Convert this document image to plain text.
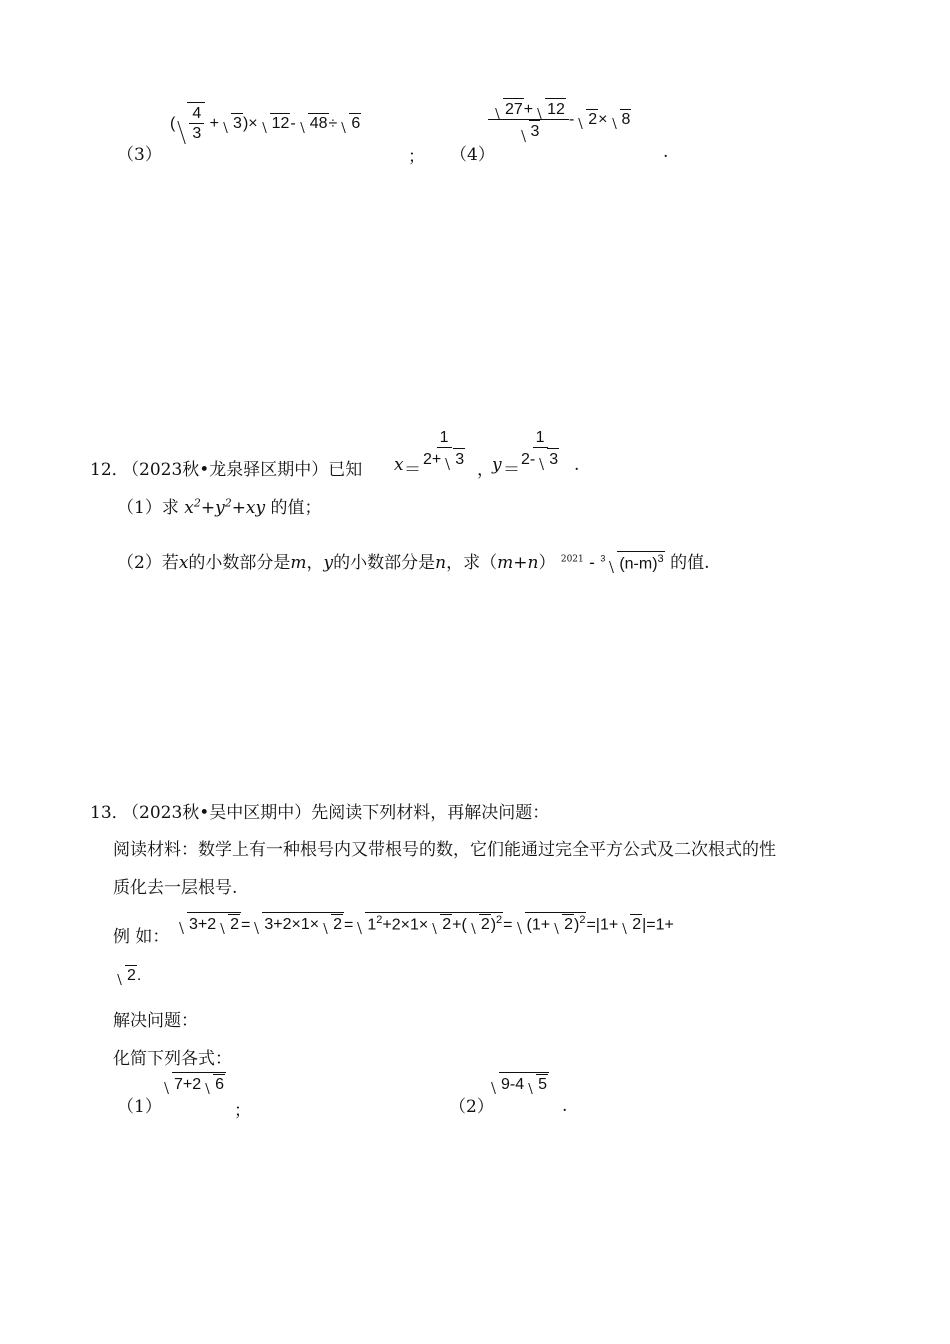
（3）
( $\frac{4}{3} + 3)\times 12-$ 48÷ 6
； （4）
$\frac{27+ 12}{3} - 2\times 8$
.
12．
（2023秋•龙泉驿区期中）已知 x ＝
$\frac{1}{2+ 3}$
，
y ＝
$\frac{1}{2- 3}$ .
（1）求 $x^2+y^2+xy$ 的值；
（2）若x的小数部分是m，y的小数部分是n，求（m+n） $^{2021}$ - $^3$ $(n-m)^3$ 的值.
13．
（2023秋•吴中区期中）先阅读下列材料，再解决问题：
阅读材料：数学上有一种根号内又带根号的数，它们能通过完全平方公式及二次根式的性
质化去一层根号.
例 如：
3+2 $2 = 3+2\times 1\times 2 = 1^2+2\times 1\times 2+$( $2)^2= (1+ 2)^2=|1+ 2|=1+$
2.
解决问题：
化简下列各式：
（1）
7+2 6
；	（2）
9-4 5
.
